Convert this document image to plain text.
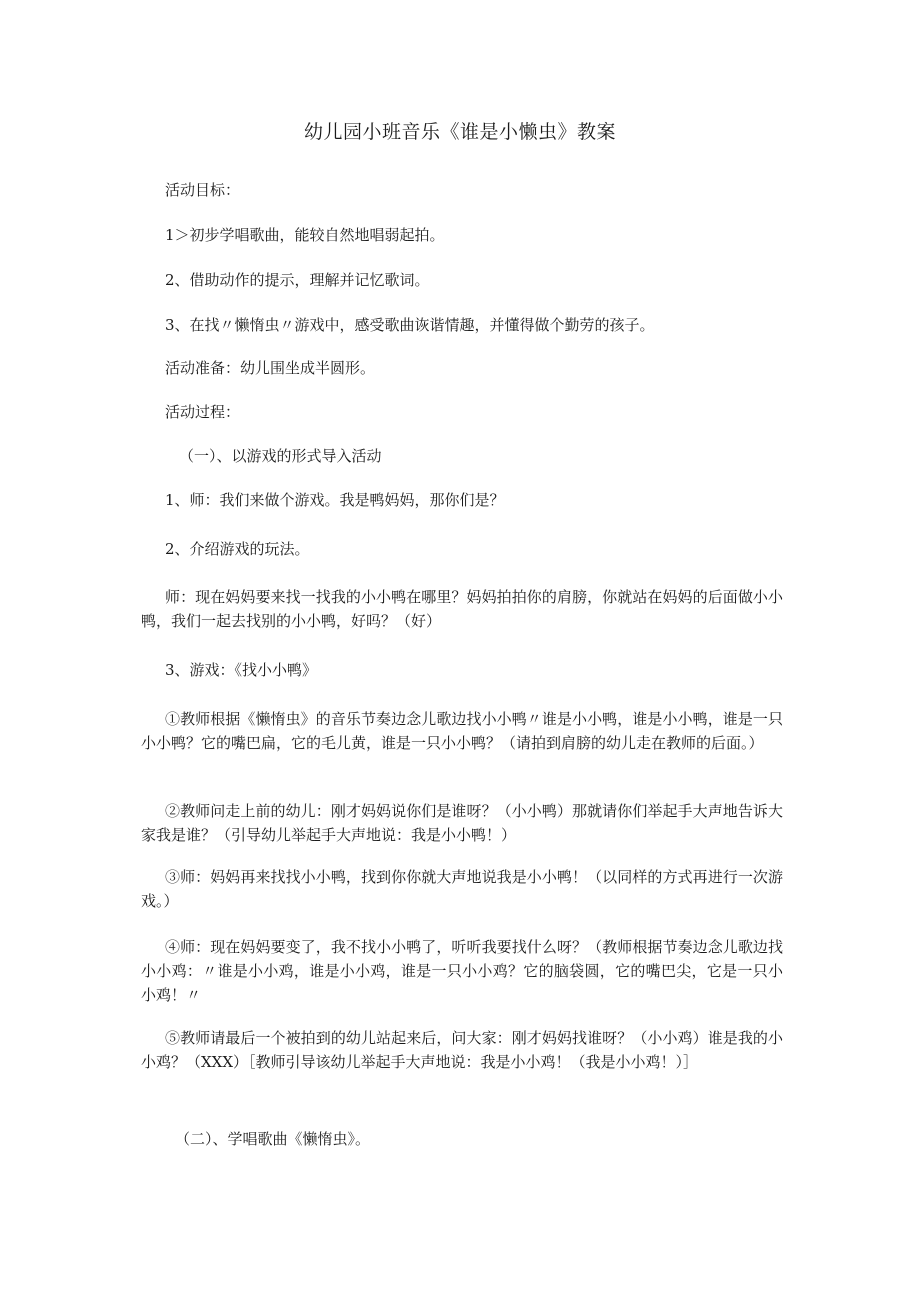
幼儿园小班音乐《谁是小懒虫》教案
活动目标：
1＞初步学唱歌曲，能较自然地唱弱起拍。
2、借助动作的提示，理解并记忆歌词。
3、在找〃懒惰虫〃游戏中，感受歌曲诙谐情趣，并懂得做个勤劳的孩子。
活动准备：幼儿围坐成半圆形。
活动过程：
（一）、以游戏的形式导入活动
1、师：我们来做个游戏。我是鸭妈妈，那你们是？
2、介绍游戏的玩法。
师：现在妈妈要来找一找我的小小鸭在哪里？妈妈拍拍你的肩膀，你就站在妈妈的后面做小小鸭，我们一起去找别的小小鸭，好吗？（好）
3、游戏：《找小小鸭》
①教师根据《懒惰虫》的音乐节奏边念儿歌边找小小鸭〃谁是小小鸭，谁是小小鸭，谁是一只小小鸭？它的嘴巴扁，它的毛儿黄，谁是一只小小鸭？（请拍到肩膀的幼儿走在教师的后面。）
②教师问走上前的幼儿：刚才妈妈说你们是谁呀？（小小鸭）那就请你们举起手大声地告诉大家我是谁？（引导幼儿举起手大声地说：我是小小鸭！）
③师：妈妈再来找找小小鸭，找到你你就大声地说我是小小鸭！（以同样的方式再进行一次游戏。）
④师：现在妈妈要变了，我不找小小鸭了，听听我要找什么呀？（教师根据节奏边念儿歌边找小小鸡：〃谁是小小鸡，谁是小小鸡，谁是一只小小鸡？它的脑袋圆，它的嘴巴尖，它是一只小小鸡！〃
⑤教师请最后一个被拍到的幼儿站起来后，问大家：刚才妈妈找谁呀？（小小鸡）谁是我的小小鸡？（XXX）［教师引导该幼儿举起手大声地说：我是小小鸡！（我是小小鸡！）］
（二）、学唱歌曲《懒惰虫》。
